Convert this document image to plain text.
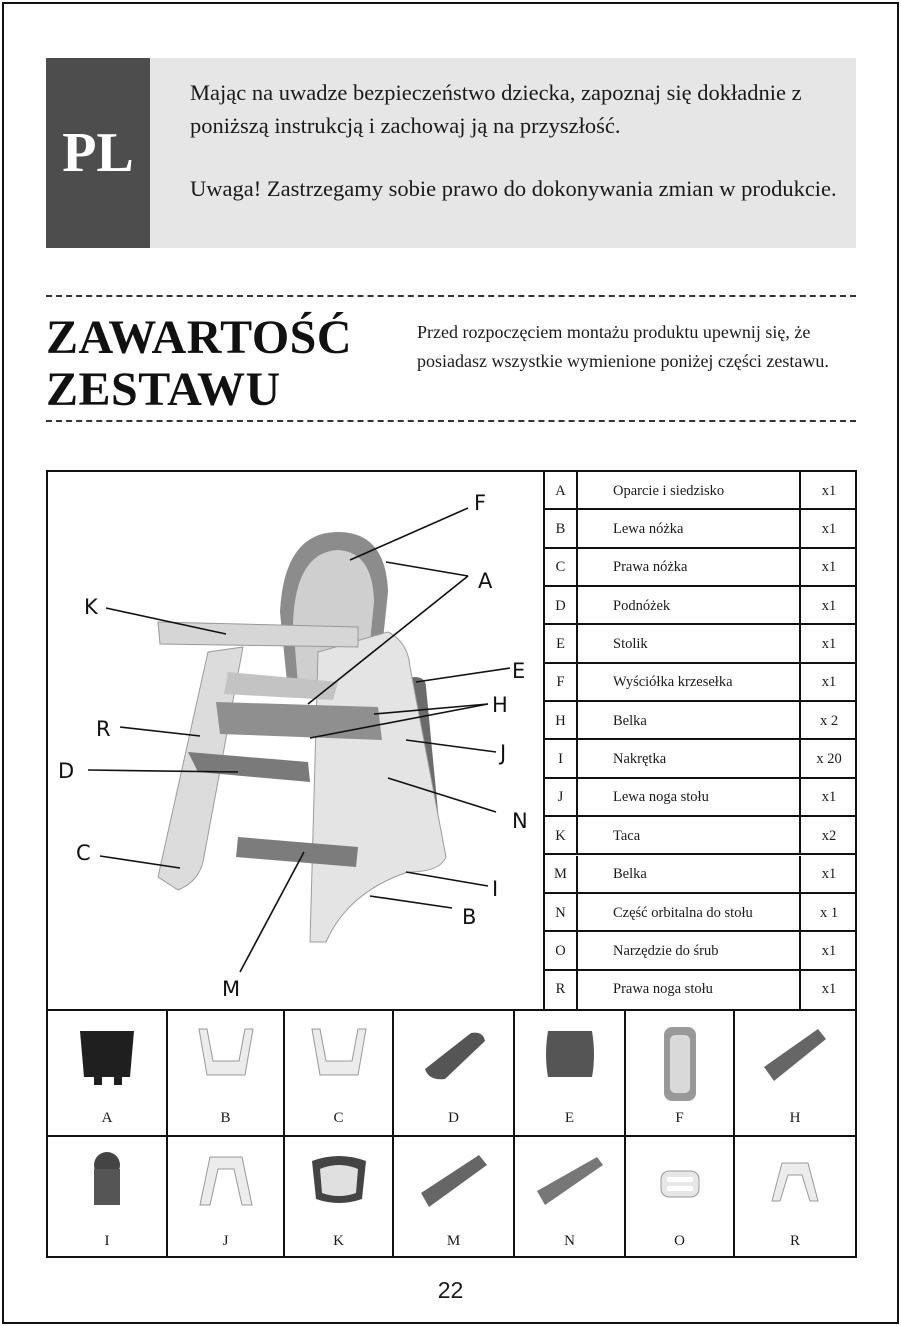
PL

Mając na uwadze bezpieczeństwo dziecka, zapoznaj się dokładnie z poniższą instrukcją i zachowaj ją na przyszłość.

Uwaga! Zastrzegamy sobie prawo do dokonywania zmian w produkcie.

ZAWARTOŚĆ
ZESTAWU
Przed rozpoczęciem montażu produktu upewnij się, że posiadasz wszystkie wymienione poniżej części zestawu.
F
A
K
E
H
R
J
D
N
C
I
B
M
A	Oparcie i siedzisko	x1
B	Lewa nóżka	x1
C	Prawa nóżka	x1
D	Podnóżek	x1
E	Stolik	x1
F	Wyściółka krzesełka	x1
H	Belka	x 2
I	Nakrętka	x 20
J	Lewa noga stołu	x1
K	Taca	x2
M	Belka	x1
N	Część orbitalna do stołu	x 1
O	Narzędzie do śrub	x1
R	Prawa noga stołu	x1
A	B	C	D	E	F	H
I	J	K	M	N	O	R
22
